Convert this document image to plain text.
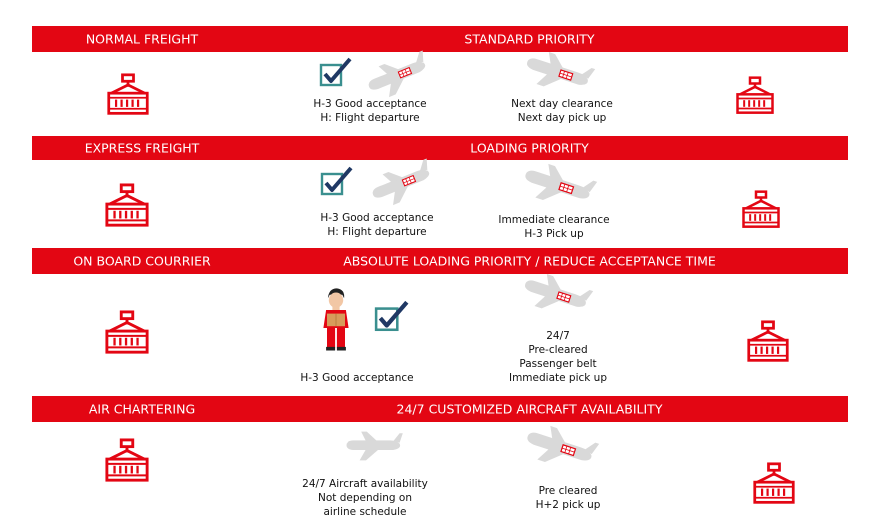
NORMAL FREIGHT	STANDARD PRIORITY
H-3 Good acceptance
H: Flight departure
Next day clearance
Next day pick up
EXPRESS FREIGHT	LOADING PRIORITY
H-3 Good acceptance
H: Flight departure
Immediate clearance
H-3 Pick up
ON BOARD COURRIER	ABSOLUTE LOADING PRIORITY / REDUCE ACCEPTANCE TIME
H-3 Good acceptance
24/7
Pre-cleared
Passenger belt
Immediate pick up
AIR CHARTERING	24/7 CUSTOMIZED AIRCRAFT AVAILABILITY
24/7 Aircraft availability
Not depending on
airline schedule
Pre cleared
H+2 pick up
